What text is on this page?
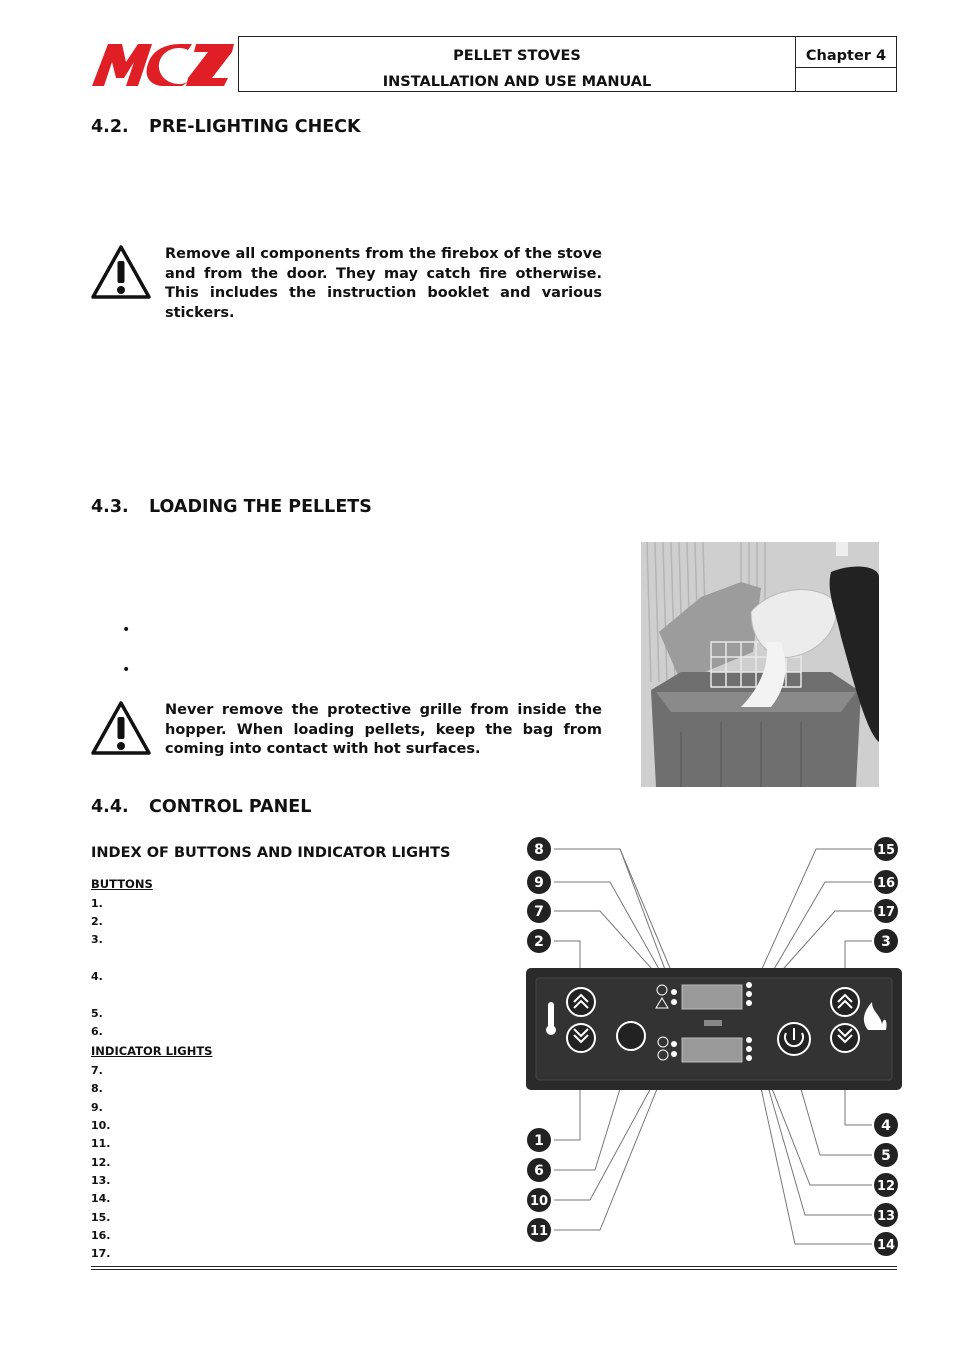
PELLET STOVES
INSTALLATION AND USE MANUAL
Chapter 4
4.2. PRE-LIGHTING CHECK
Remove all components from the firebox of the stove and from the door. They may catch fire otherwise. This includes the instruction booklet and various stickers.
4.3. LOADING THE PELLETS
•
•
Never remove the protective grille from inside the hopper. When loading pellets, keep the bag from coming into contact with hot surfaces.
4.4. CONTROL PANEL
INDEX OF BUTTONS AND INDICATOR LIGHTS
BUTTONS
1.
2.
3.
4.
5.
6.
INDICATOR LIGHTS
7.
8.
9.
10.
11.
12.
13.
14.
15.
16.
17.
8
9
7
2
15
16
17
3
1
6
10
11
4
5
12
13
14
